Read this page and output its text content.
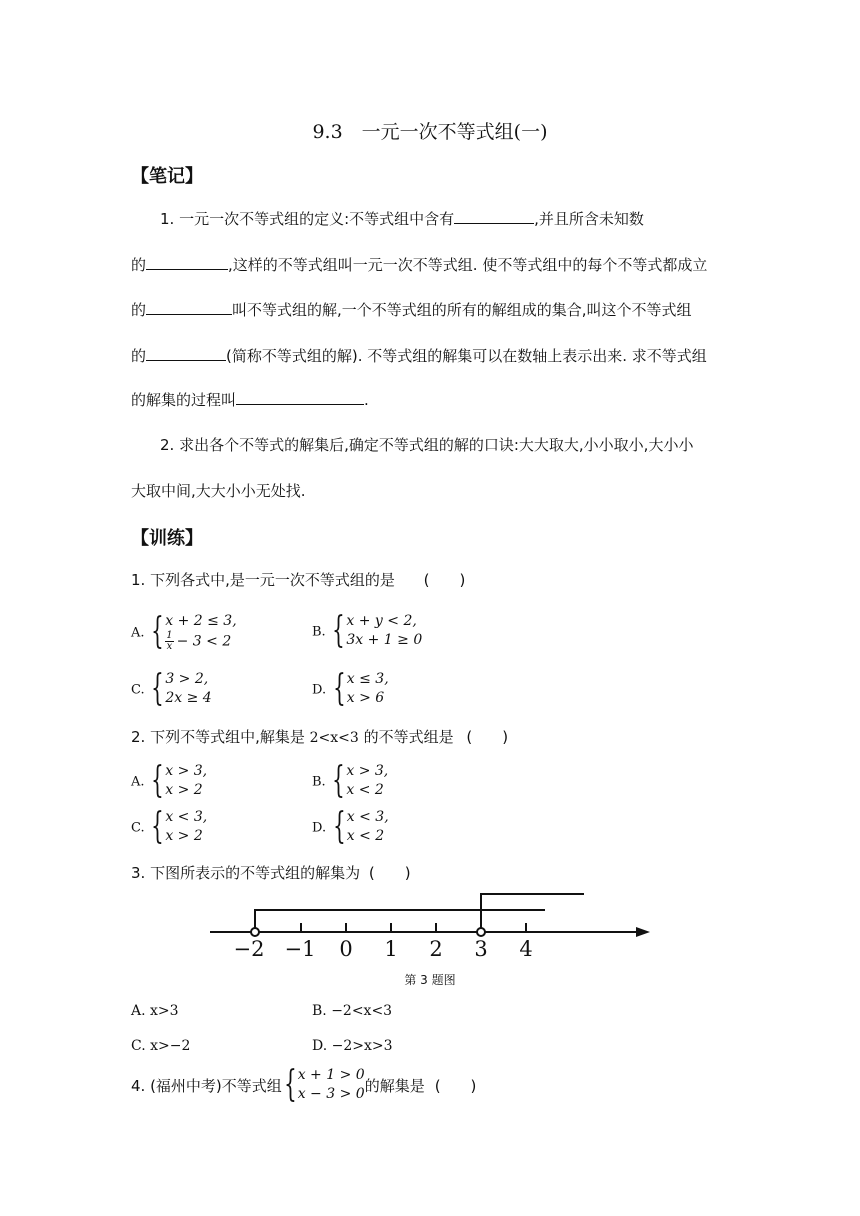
9.3　一元一次不等式组(一)
【笔记】
1. 一元一次不等式组的定义:不等式组中含有	,并且所含未知数
的	,这样的不等式组叫一元一次不等式组. 使不等式组中的每个不等式都成立
的	叫不等式组的解,一个不等式组的所有的解组成的集合,叫这个不等式组
的	(简称不等式组的解). 不等式组的解集可以在数轴上表示出来. 求不等式组
的解集的过程叫	.
2. 求出各个不等式的解集后,确定不等式组的解的口诀:大大取大,小小取小,大小小
大取中间,大大小小无处找.
【训练】
1. 下列各式中,是一元一次不等式组的是 (　　)
A. { x + 2 ≤ 3,
$\frac{1}{x} - 3 < 2$
B. { x + y < 2,
3x + 1 ≥ 0
C. { 3 > 2,
2x ≥ 4	D. { x ≤ 3,
x > 6
2. 下列不等式组中,解集是 2<x<3 的不等式组是 (　　)
A. { x > 3,
x > 2	B. { x > 3,
x < 2
C. { x < 3,
x > 2	D. { x < 3,
x < 2
3. 下图所表示的不等式组的解集为 (　　)
−2 −1 0 1 2 3 4
第 3 题图
A. x>3	B. −2<x<3
C. x>−2	D. −2>x>3
4. (福州中考)不等式组 { x + 1 > 0
x − 3 > 0 的解集是 (　　)
